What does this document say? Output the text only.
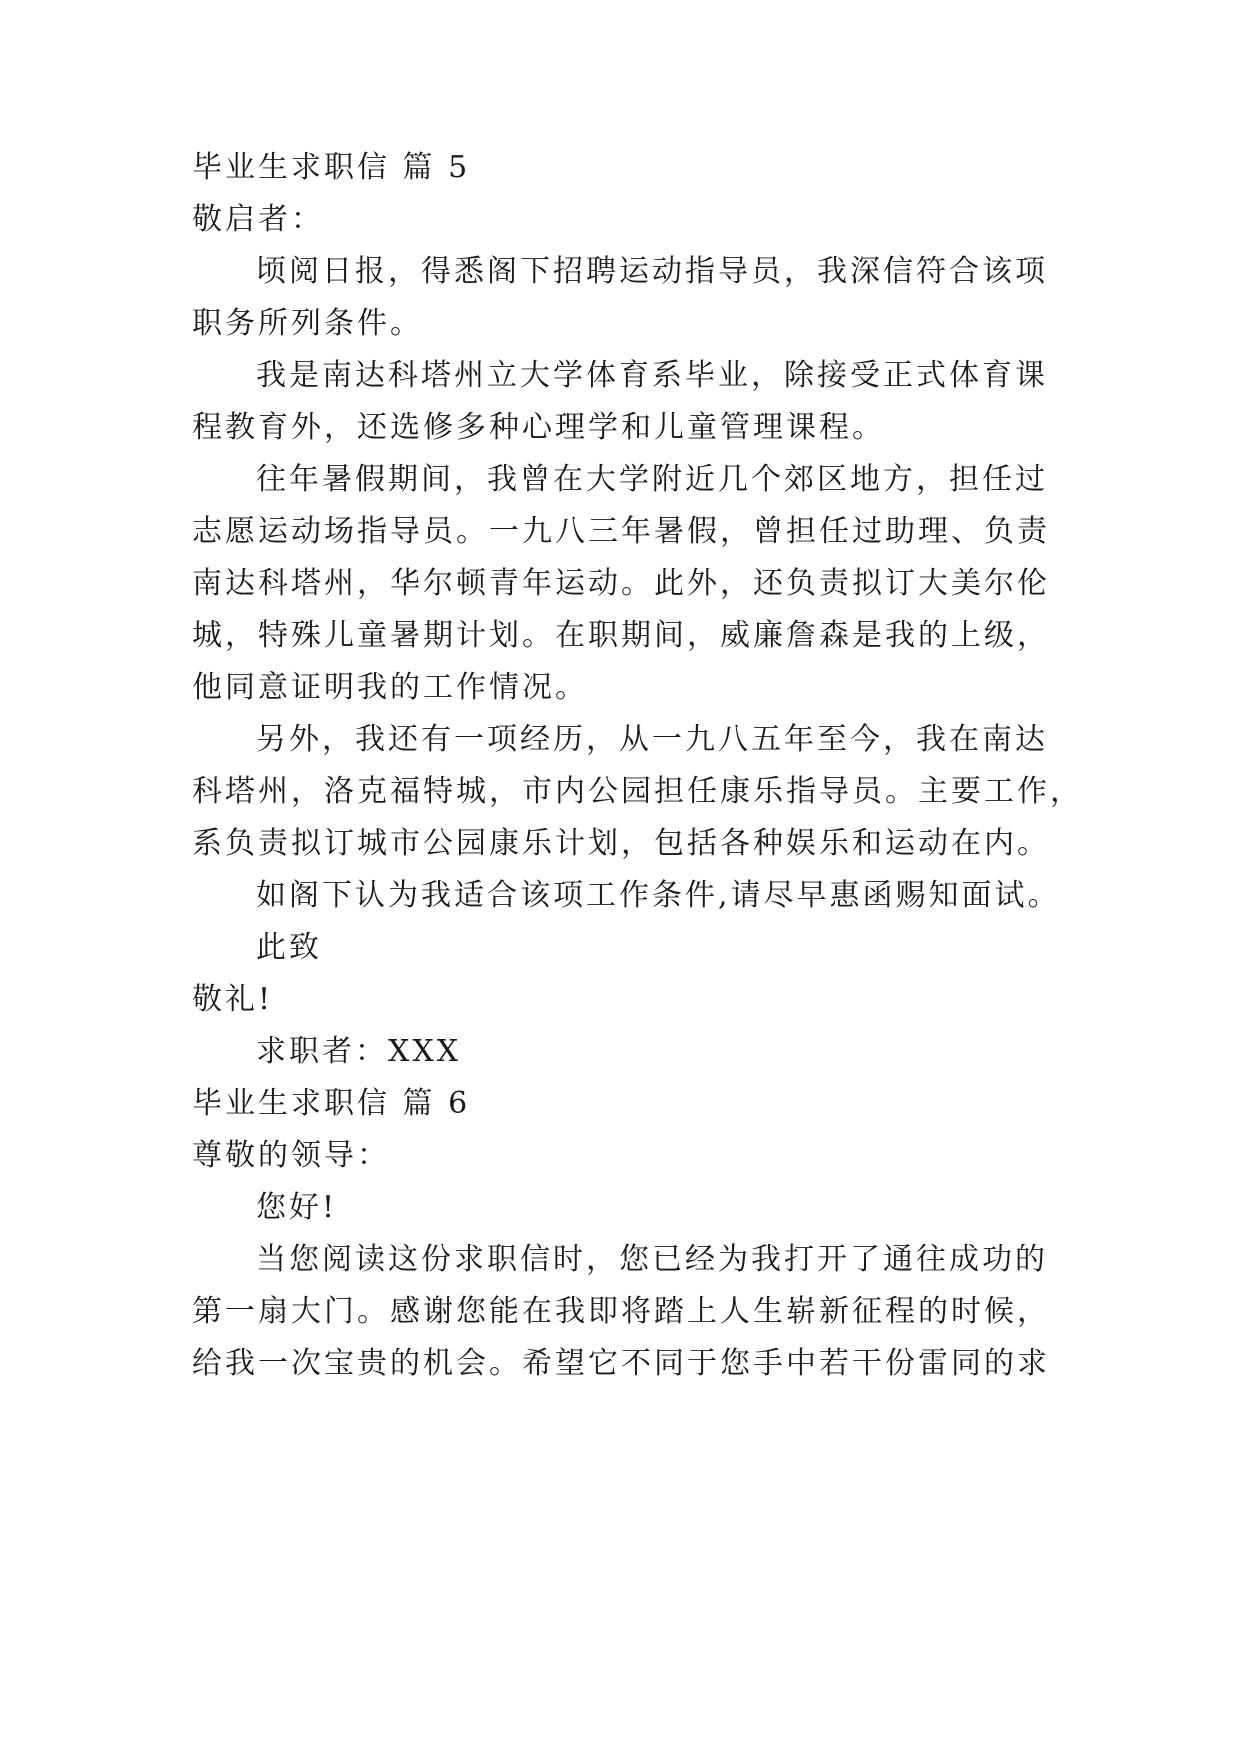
毕业生求职信 篇 5
敬启者：
顷阅日报，得悉阁下招聘运动指导员，我深信符合该项
职务所列条件。
我是南达科塔州立大学体育系毕业，除接受正式体育课
程教育外，还选修多种心理学和儿童管理课程。
往年暑假期间，我曾在大学附近几个郊区地方，担任过
志愿运动场指导员。一九八三年暑假，曾担任过助理、负责
南达科塔州，华尔顿青年运动。此外，还负责拟订大美尔伦
城，特殊儿童暑期计划。在职期间，威廉詹森是我的上级，
他同意证明我的工作情况。
另外，我还有一项经历，从一九八五年至今，我在南达
科塔州，洛克福特城，市内公园担任康乐指导员。主要工作，
系负责拟订城市公园康乐计划，包括各种娱乐和运动在内。
如阁下认为我适合该项工作条件,请尽早惠函赐知面试。
此致
敬礼!
求职者：XXX
毕业生求职信 篇 6
尊敬的领导：
您好!
当您阅读这份求职信时，您已经为我打开了通往成功的
第一扇大门。感谢您能在我即将踏上人生崭新征程的时候，
给我一次宝贵的机会。希望它不同于您手中若干份雷同的求
